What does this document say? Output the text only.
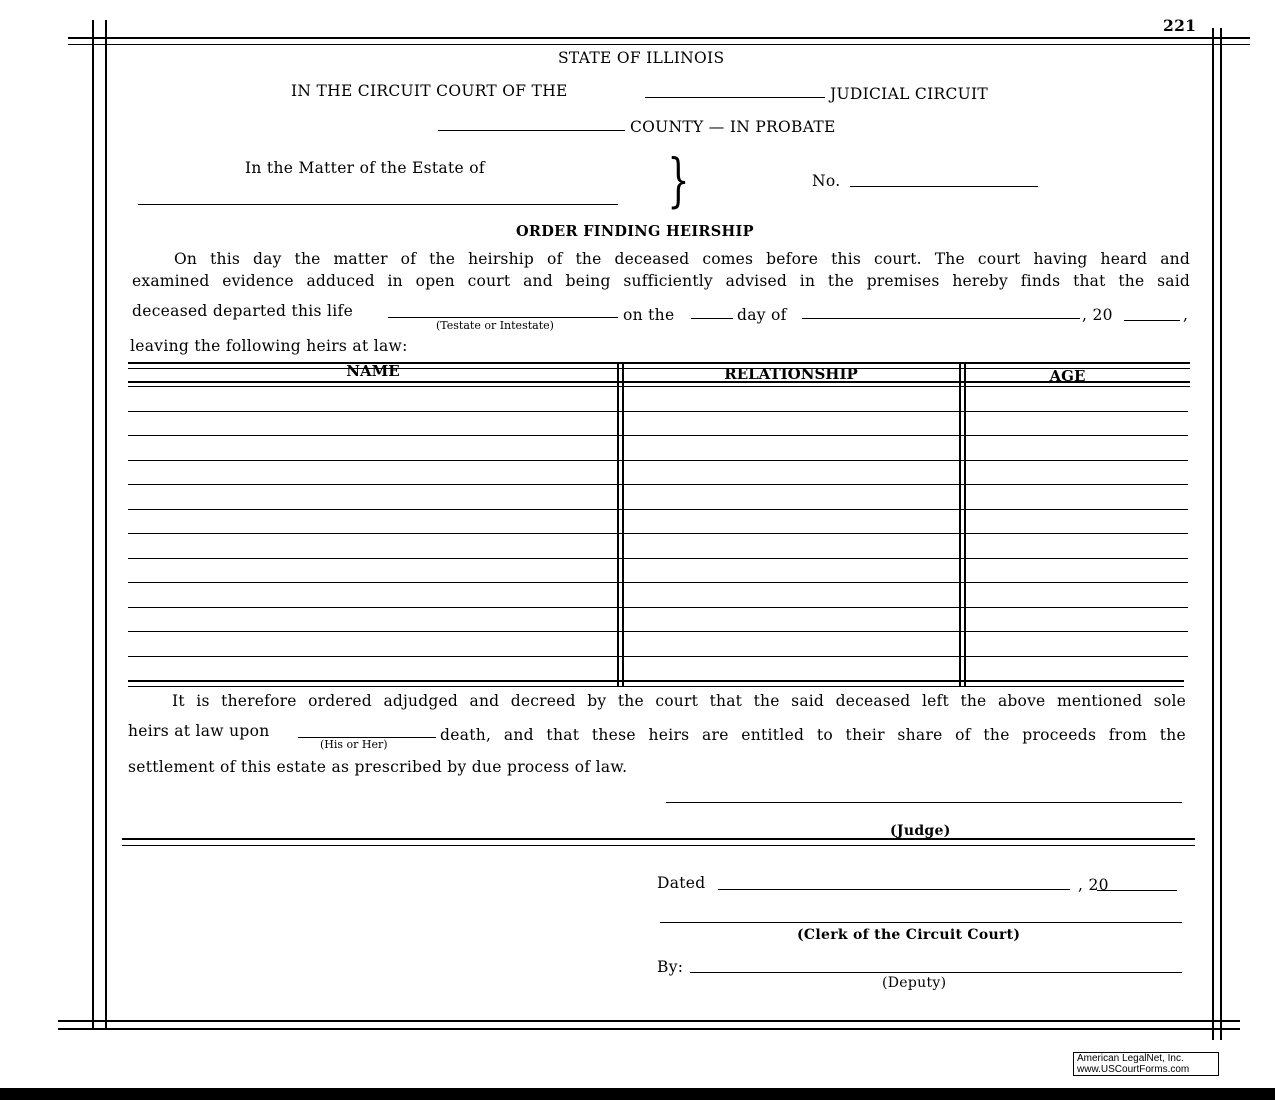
221
STATE OF ILLINOIS
IN THE CIRCUIT COURT OF THE	JUDICIAL CIRCUIT
COUNTY — IN PROBATE
In the Matter of the Estate of	}	No.
ORDER FINDING HEIRSHIP
On this day the matter of the heirship of the deceased comes before this court. The court having heard and
examined evidence adduced in open court and being sufficiently advised in the premises hereby finds that the said
deceased departed this life
(Testate or Intestate)
on the	day of	, 20	,
leaving the following heirs at law:
NAME	RELATIONSHIP	AGE
It is therefore ordered adjudged and decreed by the court that the said deceased left the above mentioned sole
heirs at law upon
(His or Her)
death, and that these heirs are entitled to their share of the proceeds from the
settlement of this estate as prescribed by due process of law.
(Judge)
Dated	, 20
(Clerk of the Circuit Court)
By:
(Deputy)
American LegalNet, Inc.
www.USCourtForms.com
